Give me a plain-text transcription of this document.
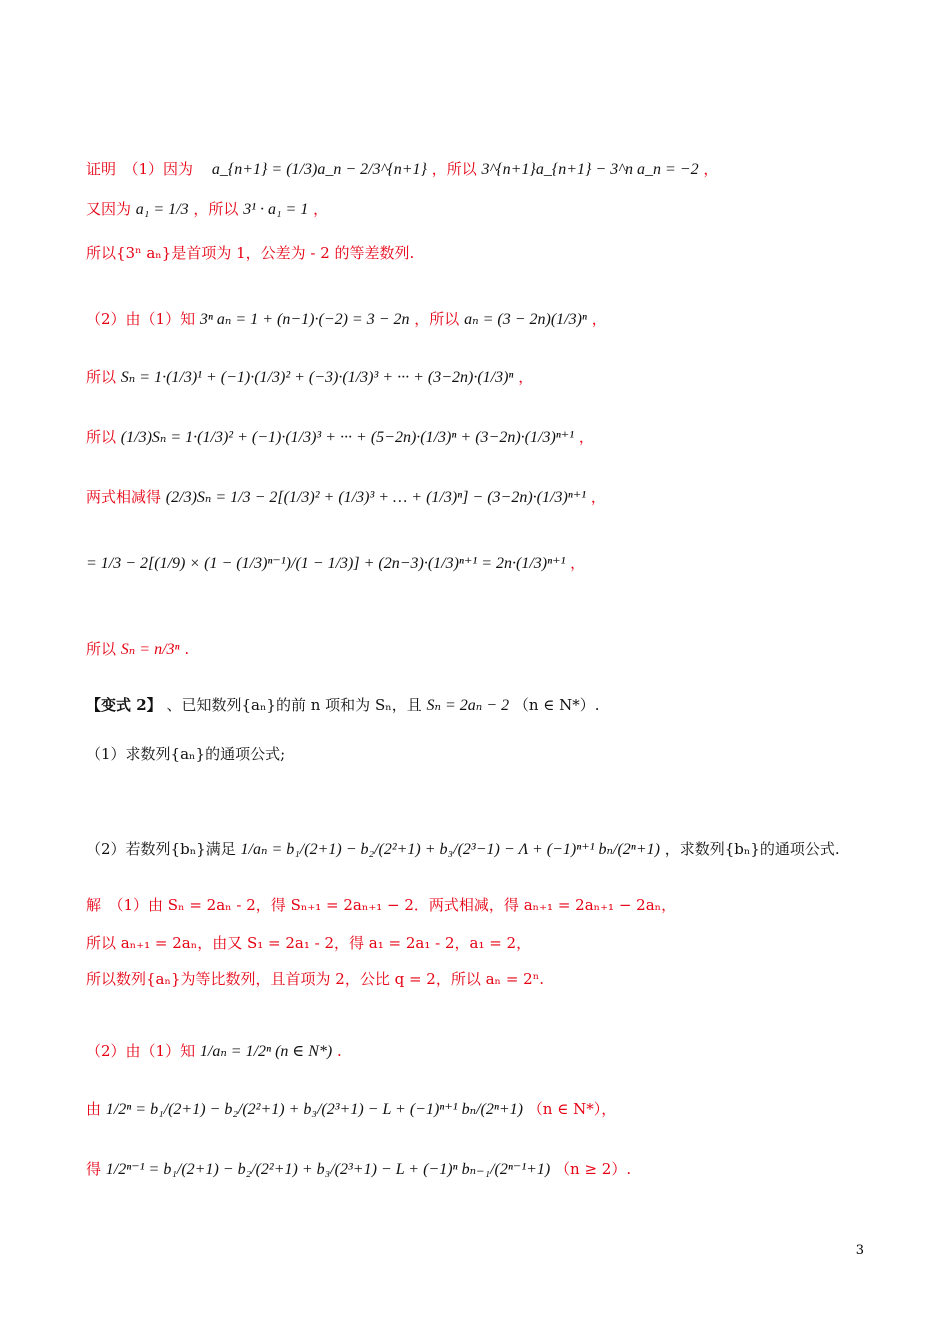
证明　（1）因为 a_{n+1} = (1/3)a_n − 2/3^{n+1} ，所以 3^{n+1}a_{n+1} − 3^n a_n = −2 ，
又因为 a₁ = 1/3 ，所以 3¹ · a₁ = 1 ，
所以{3ⁿ aₙ}是首项为 1，公差为 - 2 的等差数列.
（2）由（1）知 3ⁿ aₙ = 1 + (n−1)·(−2) = 3 − 2n ，所以 aₙ = (3 − 2n)(1/3)ⁿ ，
所以 Sₙ = 1·(1/3)¹ + (−1)·(1/3)² + (−3)·(1/3)³ + ··· + (3−2n)·(1/3)ⁿ ，
所以 (1/3)Sₙ = 1·(1/3)² + (−1)·(1/3)³ + ··· + (5−2n)·(1/3)ⁿ + (3−2n)·(1/3)ⁿ⁺¹ ，
两式相减得 (2/3)Sₙ = 1/3 − 2[(1/3)² + (1/3)³ + … + (1/3)ⁿ] − (3−2n)·(1/3)ⁿ⁺¹ ，
= 1/3 − 2[(1/9) × (1 − (1/3)ⁿ⁻¹)/(1 − 1/3)] + (2n−3)·(1/3)ⁿ⁺¹ = 2n·(1/3)ⁿ⁺¹ ，
所以 Sₙ = n/3ⁿ .
【变式 2】 、已知数列{aₙ}的前 n 项和为 Sₙ，且 Sₙ = 2aₙ − 2 （n ∈ N*）.
（1）求数列{aₙ}的通项公式;
（2）若数列{bₙ}满足 1/aₙ = b₁/(2+1) − b₂/(2²+1) + b₃/(2³−1) − Λ + (−1)ⁿ⁺¹ bₙ/(2ⁿ+1) ，求数列{bₙ}的通项公式.
解　（1）由 Sₙ = 2aₙ - 2，得 Sₙ₊₁ = 2aₙ₊₁ − 2．两式相减，得 aₙ₊₁ = 2aₙ₊₁ − 2aₙ，
所以 aₙ₊₁ = 2aₙ，由又 S₁ = 2a₁ - 2，得 a₁ = 2a₁ - 2，a₁ = 2，
所以数列{aₙ}为等比数列，且首项为 2，公比 q = 2，所以 aₙ = 2ⁿ.
（2）由（1）知 1/aₙ = 1/2ⁿ (n ∈ N*) .
由 1/2ⁿ = b₁/(2+1) − b₂/(2²+1) + b₃/(2³+1) − L + (−1)ⁿ⁺¹ bₙ/(2ⁿ+1) （n ∈ N*），
得 1/2ⁿ⁻¹ = b₁/(2+1) − b₂/(2²+1) + b₃/(2³+1) − L + (−1)ⁿ bₙ₋₁/(2ⁿ⁻¹+1) （n ≥ 2）.
3
